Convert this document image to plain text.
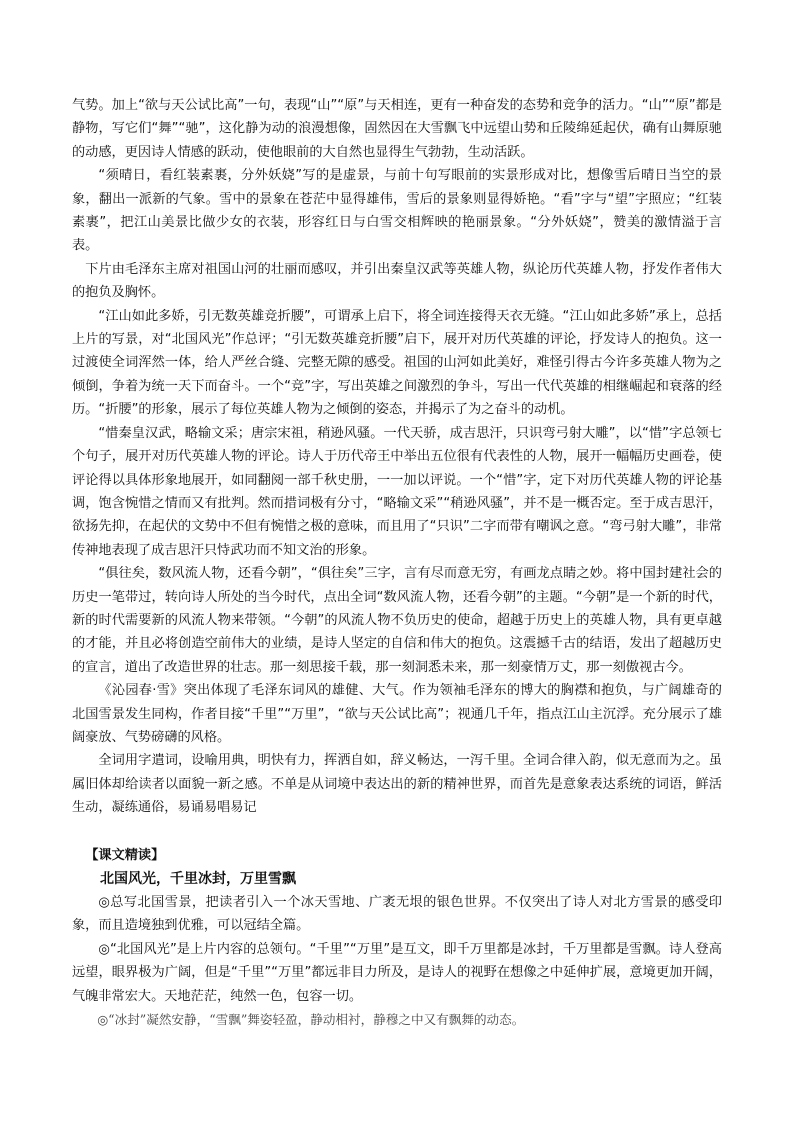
气势。加上“欲与天公试比高”一句，表现“山”“原”与天相连，更有一种奋发的态势和竞争的活力。“山”“原”都是静物，写它们“舞”“驰”，这化静为动的浪漫想像，固然因在大雪飘飞中远望山势和丘陵绵延起伏，确有山舞原驰的动感，更因诗人情感的跃动，使他眼前的大自然也显得生气勃勃，生动活跃。

“须晴日，看红装素裹，分外妖娆”写的是虚景，与前十句写眼前的实景形成对比，想像雪后晴日当空的景象，翻出一派新的气象。雪中的景象在苍茫中显得雄伟，雪后的景象则显得娇艳。“看”字与“望”字照应；“红装素裹”，把江山美景比做少女的衣装，形容红日与白雪交相辉映的艳丽景象。“分外妖娆”，赞美的激情溢于言表。

下片由毛泽东主席对祖国山河的壮丽而感叹，并引出秦皇汉武等英雄人物，纵论历代英雄人物，抒发作者伟大的抱负及胸怀。

“江山如此多娇，引无数英雄竞折腰”，可谓承上启下，将全词连接得天衣无缝。“江山如此多娇”承上，总括上片的写景，对“北国风光”作总评；“引无数英雄竞折腰”启下，展开对历代英雄的评论，抒发诗人的抱负。这一过渡使全词浑然一体，给人严丝合缝、完整无隙的感受。祖国的山河如此美好，难怪引得古今许多英雄人物为之倾倒，争着为统一天下而奋斗。一个“竞”字，写出英雄之间激烈的争斗，写出一代代英雄的相继崛起和衰落的经历。“折腰”的形象，展示了每位英雄人物为之倾倒的姿态，并揭示了为之奋斗的动机。

“惜秦皇汉武，略输文采；唐宗宋祖，稍逊风骚。一代天骄，成吉思汗，只识弯弓射大雕”，以“惜”字总领七个句子，展开对历代英雄人物的评论。诗人于历代帝王中举出五位很有代表性的人物，展开一幅幅历史画卷，使评论得以具体形象地展开，如同翻阅一部千秋史册，一一加以评说。一个“惜”字，定下对历代英雄人物的评论基调，饱含惋惜之情而又有批判。然而措词极有分寸，“略输文采”“稍逊风骚”，并不是一概否定。至于成吉思汗，欲扬先抑，在起伏的文势中不但有惋惜之极的意味，而且用了“只识”二字而带有嘲讽之意。“弯弓射大雕”，非常传神地表现了成吉思汗只恃武功而不知文治的形象。

“俱往矣，数风流人物，还看今朝”，“俱往矣”三字，言有尽而意无穷，有画龙点睛之妙。将中国封建社会的历史一笔带过，转向诗人所处的当今时代，点出全词“数风流人物，还看今朝”的主题。“今朝”是一个新的时代，新的时代需要新的风流人物来带领。“今朝”的风流人物不负历史的使命，超越于历史上的英雄人物，具有更卓越的才能，并且必将创造空前伟大的业绩，是诗人坚定的自信和伟大的抱负。这震撼千古的结语，发出了超越历史的宣言，道出了改造世界的壮志。那一刻思接千载，那一刻洞悉未来，那一刻豪情万丈，那一刻傲视古今。

《沁园春·雪》突出体现了毛泽东词风的雄健、大气。作为领袖毛泽东的博大的胸襟和抱负，与广阔雄奇的北国雪景发生同构，作者目接“千里”“万里”，“欲与天公试比高”；视通几千年，指点江山主沉浮。充分展示了雄阔豪放、气势磅礴的风格。

全词用字遣词，设喻用典，明快有力，挥洒自如，辞义畅达，一泻千里。全词合律入韵，似无意而为之。虽属旧体却给读者以面貌一新之感。不单是从词境中表达出的新的精神世界，而首先是意象表达系统的词语，鲜活生动，凝练通俗，易诵易唱易记

【课文精读】

北国风光，千里冰封，万里雪飘

◎总写北国雪景，把读者引入一个冰天雪地、广袤无垠的银色世界。不仅突出了诗人对北方雪景的感受印象，而且造境独到优雅，可以冠结全篇。

◎“北国风光”是上片内容的总领句。“千里”“万里”是互文，即千万里都是冰封，千万里都是雪飘。诗人登高远望，眼界极为广阔，但是“千里”“万里”都远非目力所及，是诗人的视野在想像之中延伸扩展，意境更加开阔，气魄非常宏大。天地茫茫，纯然一色，包容一切。

◎“冰封”凝然安静，“雪飘”舞姿轻盈，静动相衬，静穆之中又有飘舞的动态。
